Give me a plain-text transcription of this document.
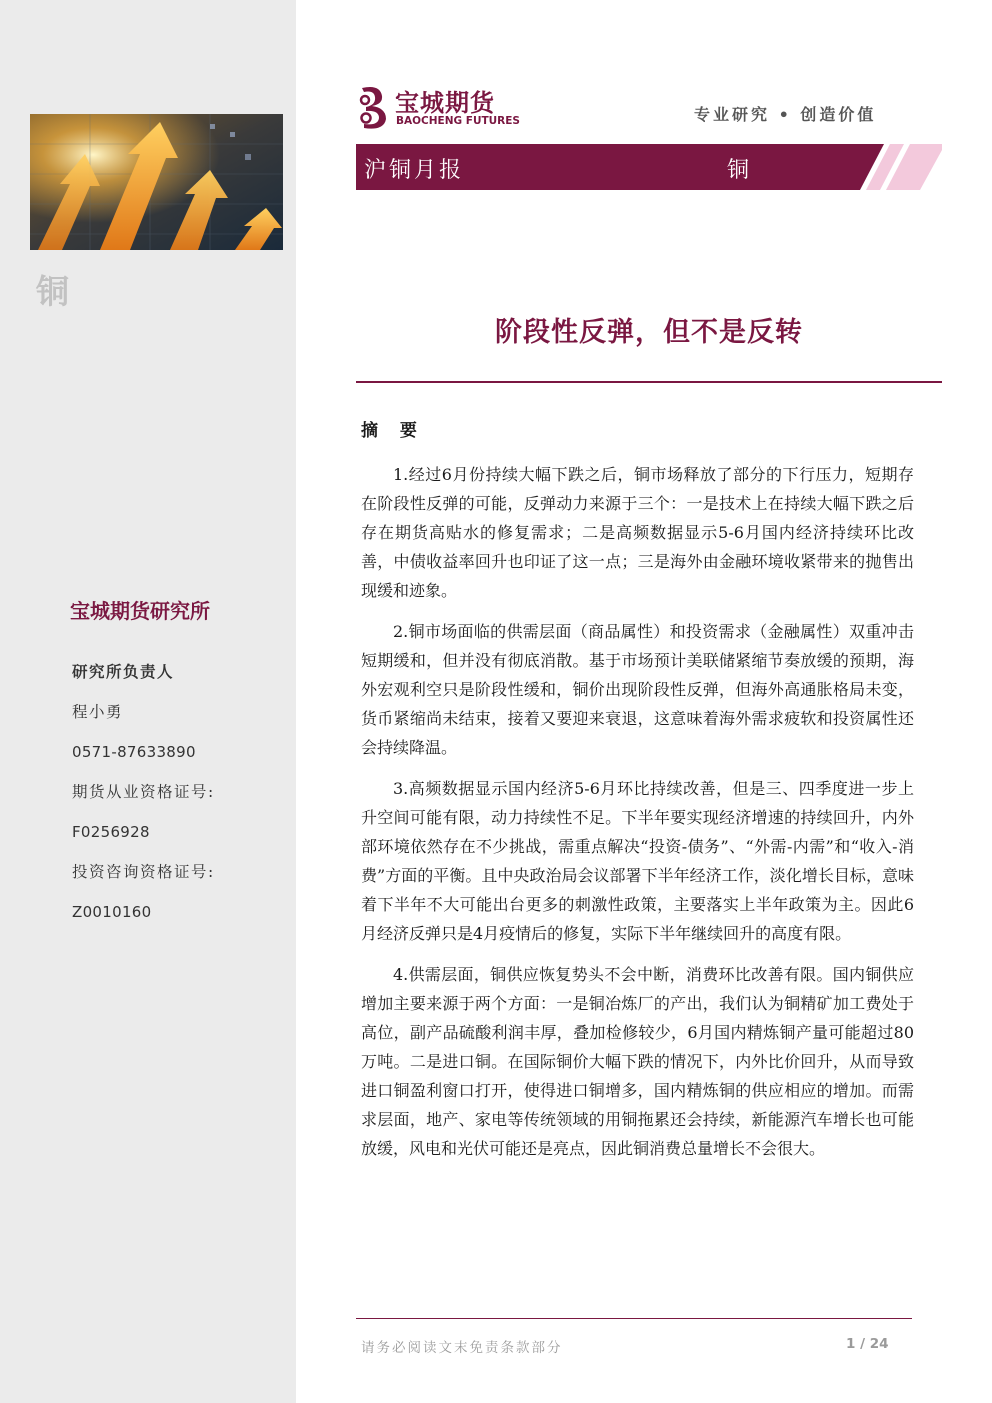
铜
宝城期货研究所
研究所负责人
程小勇
0571-87633890
期货从业资格证号:
F0256928
投资咨询资格证号:
Z0010160
宝城期货
BAOCHENG FUTURES	专业研究 • 创造价值
沪铜月报	铜
阶段性反弹，但不是反转
摘 要

1.经过6月份持续大幅下跌之后，铜市场释放了部分的下行压力，短期存在阶段性反弹的可能，反弹动力来源于三个：一是技术上在持续大幅下跌之后存在期货高贴水的修复需求；二是高频数据显示5-6月国内经济持续环比改善，中债收益率回升也印证了这一点；三是海外由金融环境收紧带来的抛售出现缓和迹象。

2.铜市场面临的供需层面（商品属性）和投资需求（金融属性）双重冲击短期缓和，但并没有彻底消散。基于市场预计美联储紧缩节奏放缓的预期，海外宏观利空只是阶段性缓和，铜价出现阶段性反弹，但海外高通胀格局未变，货币紧缩尚未结束，接着又要迎来衰退，这意味着海外需求疲软和投资属性还会持续降温。

3.高频数据显示国内经济5-6月环比持续改善，但是三、四季度进一步上升空间可能有限，动力持续性不足。下半年要实现经济增速的持续回升，内外部环境依然存在不少挑战，需重点解决“投资-债务”、“外需-内需”和“收入-消费”方面的平衡。且中央政治局会议部署下半年经济工作，淡化增长目标，意味着下半年不大可能出台更多的刺激性政策，主要落实上半年政策为主。因此6月经济反弹只是4月疫情后的修复，实际下半年继续回升的高度有限。

4.供需层面，铜供应恢复势头不会中断，消费环比改善有限。国内铜供应增加主要来源于两个方面：一是铜冶炼厂的产出，我们认为铜精矿加工费处于高位，副产品硫酸利润丰厚，叠加检修较少，6月国内精炼铜产量可能超过80万吨。二是进口铜。在国际铜价大幅下跌的情况下，内外比价回升，从而导致进口铜盈利窗口打开，使得进口铜增多，国内精炼铜的供应相应的增加。而需求层面，地产、家电等传统领域的用铜拖累还会持续，新能源汽车增长也可能放缓，风电和光伏可能还是亮点，因此铜消费总量增长不会很大。

请务必阅读文末免责条款部分	1 / 24
